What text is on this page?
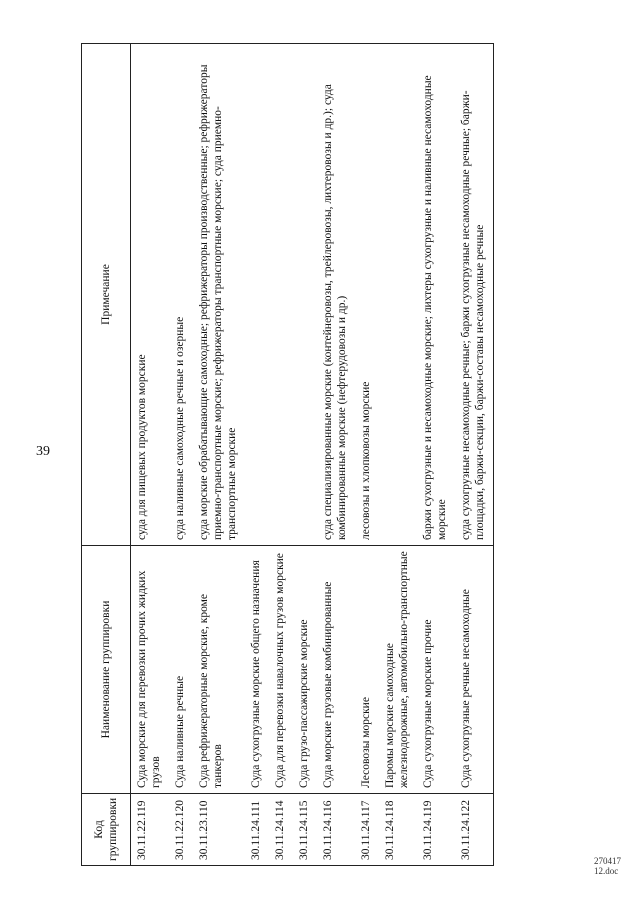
39
Код группировки	Наименование группировки	Примечание
30.11.22.119	Суда морские для перевозки прочих жидких грузов	суда для пищевых продуктов морские
30.11.22.120	Суда наливные речные	суда наливные самоходные речные и озерные
30.11.23.110	Суда рефрижераторные морские, кроме танкеров	суда морские обрабатывающие самоходные; рефрижераторы производственные; рефрижераторы приемно-транспортные морские; рефрижераторы транспортные морские; суда приемно-транспортные морские
30.11.24.111	Суда сухогрузные морские общего назначения	
30.11.24.114	Суда для перевозки навалочных грузов морские	
30.11.24.115	Суда грузо-пассажирские морские	
30.11.24.116	Суда морские грузовые комбинированные	суда специализированные морские (контейнеровозы, трейлеровозы, лихтеровозы и др.); суда комбинированные морские (нефтерудовозы и др.)
30.11.24.117	Лесовозы морские	лесовозы и хлопковозы морские
30.11.24.118	Паромы морские самоходные железнодорожные, автомобильно-транспортные	
30.11.24.119	Суда сухогрузные морские прочие	баржи сухогрузные и несамоходные морские; лихтеры сухогрузные и наливные несамоходные морские
30.11.24.122	Суда сухогрузные речные несамоходные	суда сухогрузные несамоходные речные; баржи сухогрузные несамоходные речные; баржи-площадки, баржи-секции, баржи-составы несамоходные речные
270417 12.doc
